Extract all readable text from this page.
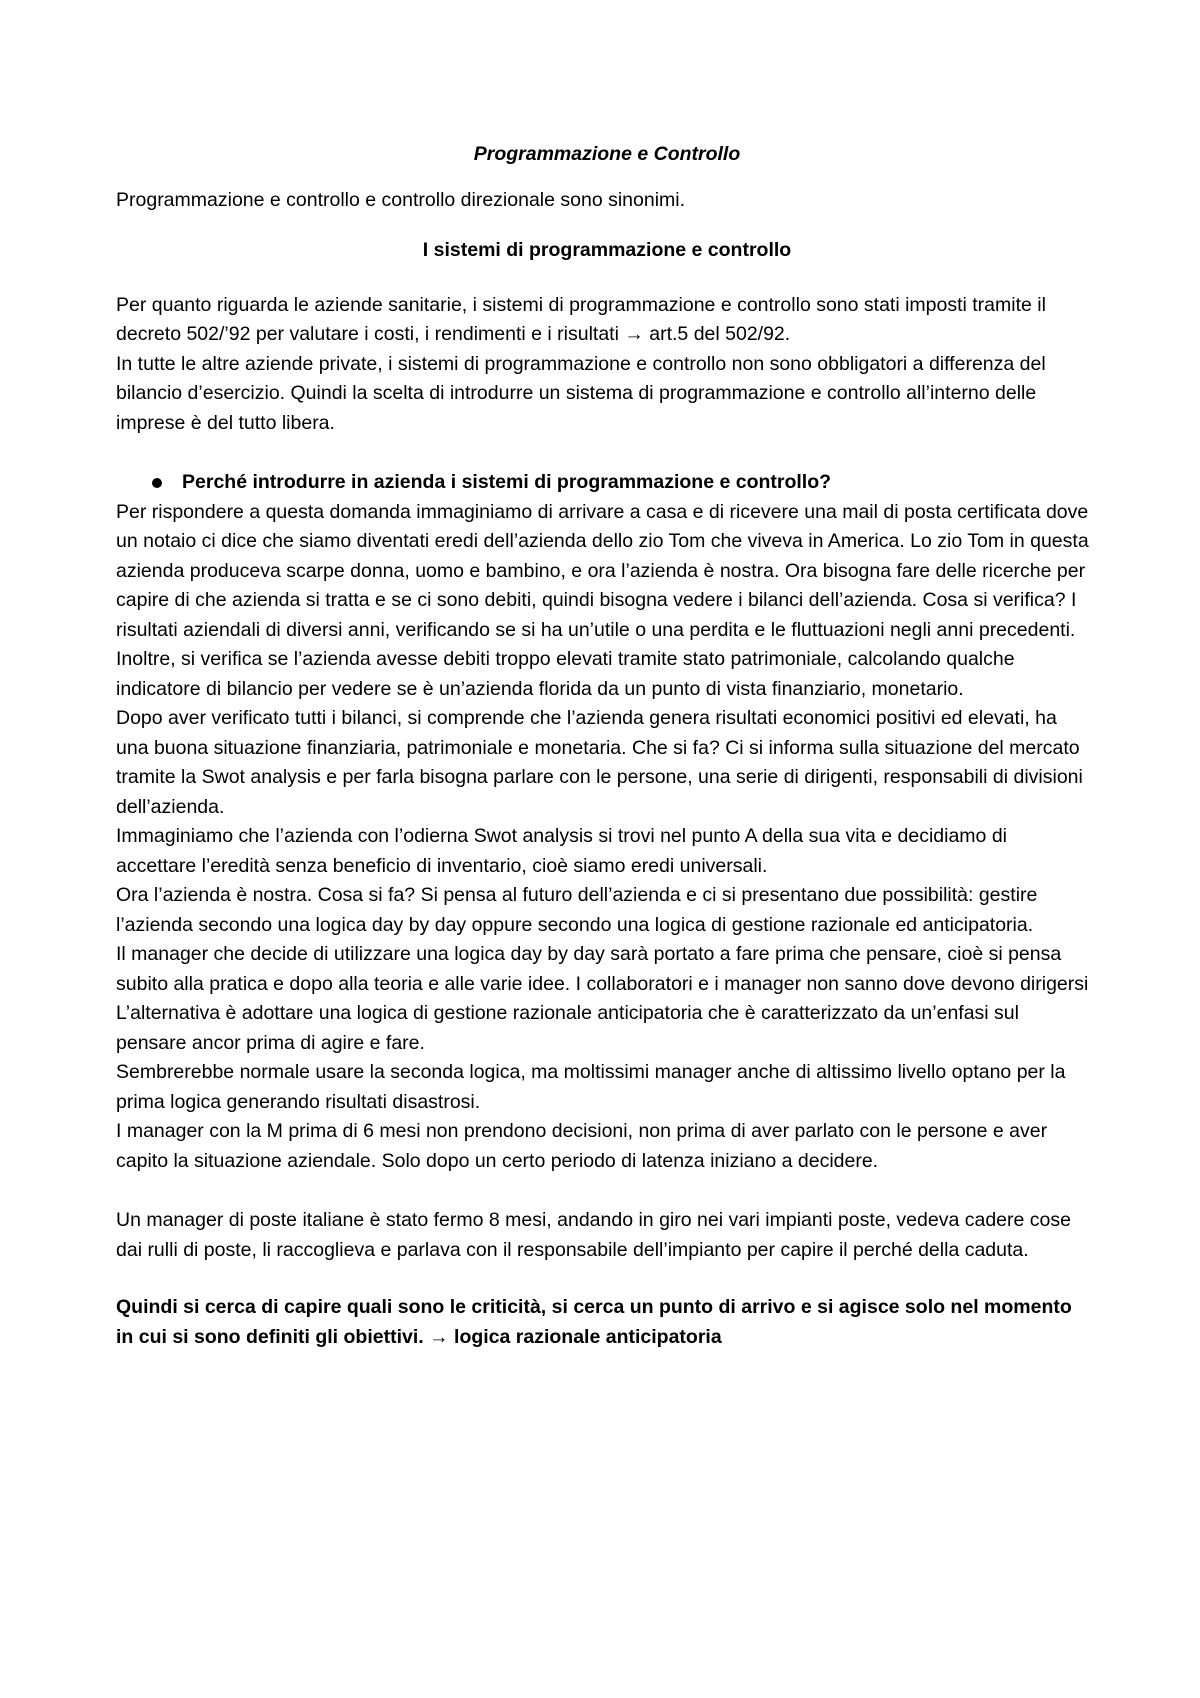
Programmazione e Controllo

Programmazione e controllo e controllo direzionale sono sinonimi.

I sistemi di programmazione e controllo

Per quanto riguarda le aziende sanitarie, i sistemi di programmazione e controllo sono stati imposti tramite il decreto 502/’92 per valutare i costi, i rendimenti e i risultati → art.5 del 502/92.

In tutte le altre aziende private, i sistemi di programmazione e controllo non sono obbligatori a differenza del bilancio d’esercizio. Quindi la scelta di introdurre un sistema di programmazione e controllo all’interno delle imprese è del tutto libera.

Perché introdurre in azienda i sistemi di programmazione e controllo?

Per rispondere a questa domanda immaginiamo di arrivare a casa e di ricevere una mail di posta certificata dove un notaio ci dice che siamo diventati eredi dell’azienda dello zio Tom che viveva in America. Lo zio Tom in questa azienda produceva scarpe donna, uomo e bambino, e ora l’azienda è nostra. Ora bisogna fare delle ricerche per capire di che azienda si tratta e se ci sono debiti, quindi bisogna vedere i bilanci dell’azienda. Cosa si verifica? I risultati aziendali di diversi anni, verificando se si ha un’utile o una perdita e le fluttuazioni negli anni precedenti.

Inoltre, si verifica se l’azienda avesse debiti troppo elevati tramite stato patrimoniale, calcolando qualche indicatore di bilancio per vedere se è un’azienda florida da un punto di vista finanziario, monetario.

Dopo aver verificato tutti i bilanci, si comprende che l’azienda genera risultati economici positivi ed elevati, ha una buona situazione finanziaria, patrimoniale e monetaria. Che si fa? Ci si informa sulla situazione del mercato tramite la Swot analysis e per farla bisogna parlare con le persone, una serie di dirigenti, responsabili di divisioni dell’azienda.

Immaginiamo che l’azienda con l’odierna Swot analysis si trovi nel punto A della sua vita e decidiamo di accettare l’eredità senza beneficio di inventario, cioè siamo eredi universali.

Ora l’azienda è nostra. Cosa si fa? Si pensa al futuro dell’azienda e ci si presentano due possibilità: gestire l’azienda secondo una logica day by day oppure secondo una logica di gestione razionale ed anticipatoria.

Il manager che decide di utilizzare una logica day by day sarà portato a fare prima che pensare, cioè si pensa subito alla pratica e dopo alla teoria e alle varie idee. I collaboratori e i manager non sanno dove devono dirigersi

L’alternativa è adottare una logica di gestione razionale anticipatoria che è caratterizzato da un’enfasi sul pensare ancor prima di agire e fare.

Sembrerebbe normale usare la seconda logica, ma moltissimi manager anche di altissimo livello optano per la prima logica generando risultati disastrosi.

I manager con la M prima di 6 mesi non prendono decisioni, non prima di aver parlato con le persone e aver capito la situazione aziendale. Solo dopo un certo periodo di latenza iniziano a decidere.

Un manager di poste italiane è stato fermo 8 mesi, andando in giro nei vari impianti poste, vedeva cadere cose dai rulli di poste, li raccoglieva e parlava con il responsabile dell’impianto per capire il perché della caduta.

Quindi si cerca di capire quali sono le criticità, si cerca un punto di arrivo e si agisce solo nel momento in cui si sono definiti gli obiettivi. → logica razionale anticipatoria
